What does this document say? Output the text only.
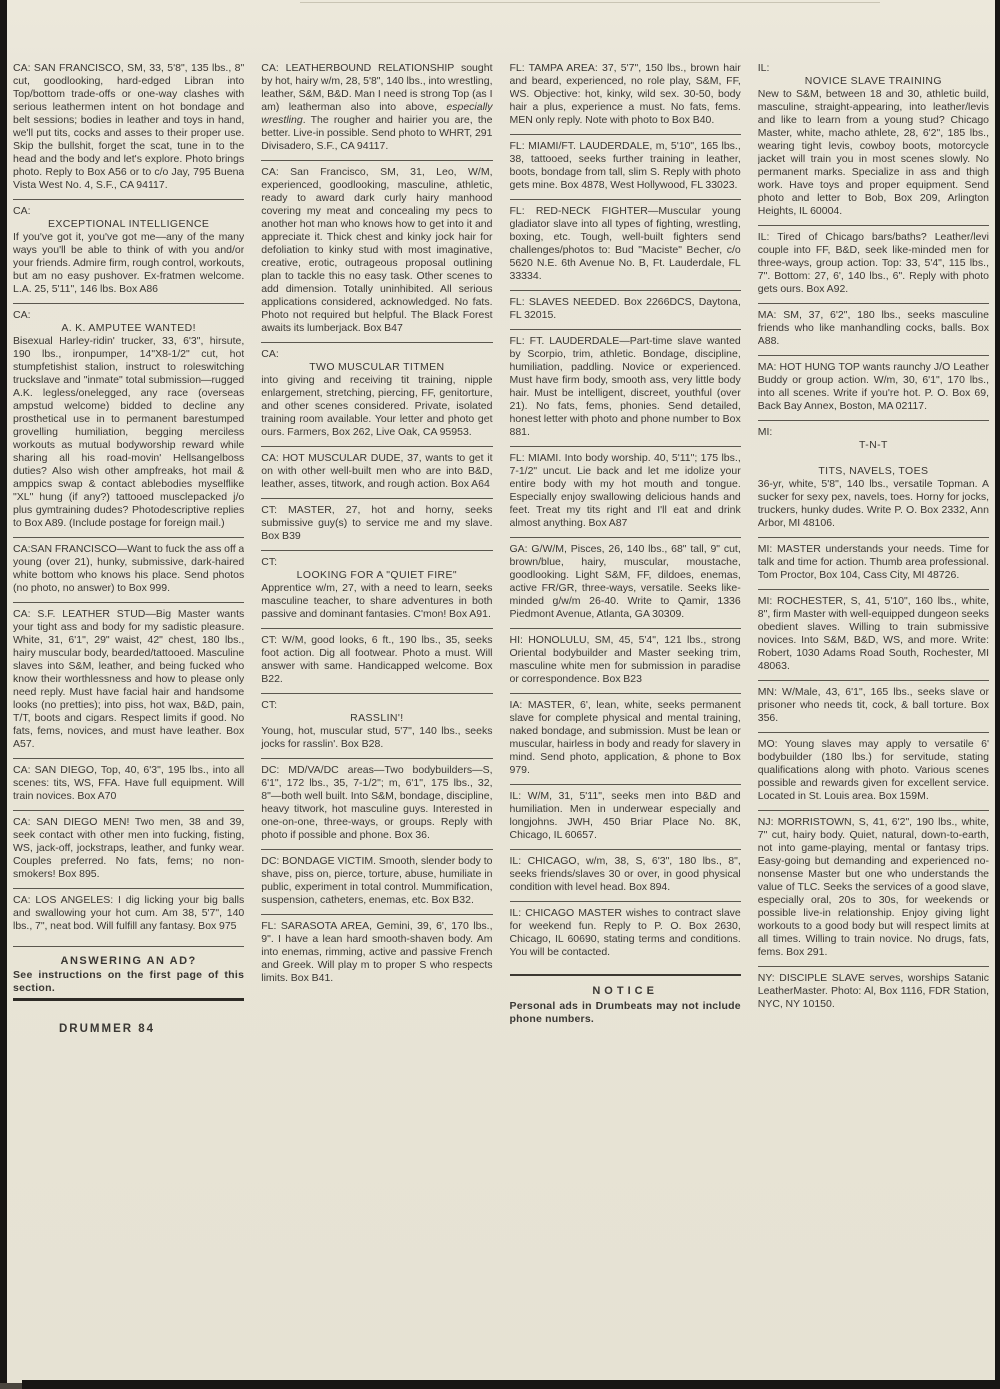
CA: SAN FRANCISCO, SM, 33, 5'8", 135 lbs., 8" cut, goodlooking, hard-edged Libran into Top/bottom trade-offs or one-way clashes with serious leathermen intent on hot bondage and belt sessions; bodies in leather and toys in hand, we'll put tits, cocks and asses to their proper use. Skip the bullshit, forget the scat, tune in to the head and the body and let's explore. Photo brings photo. Reply to Box A56 or to c/o Jay, 795 Buena Vista West No. 4, S.F., CA 94117.

CA:
EXCEPTIONAL INTELLIGENCE

If you've got it, you've got me—any of the many ways you'll be able to think of with you and/or your friends. Admire firm, rough control, workouts, but am no easy pushover. Ex-fratmen welcome. L.A. 25, 5'11", 146 lbs. Box A86

CA:
A. K. AMPUTEE WANTED!

Bisexual Harley-ridin' trucker, 33, 6'3", hirsute, 190 lbs., ironpumper, 14"X8-1/2" cut, hot stumpfetishist stalion, instruct to roleswitching truckslave and "inmate" total submission—rugged A.K. legless/onelegged, any race (overseas ampstud welcome) bidded to decline any prosthetical use in to permanent barestumped grovelling humiliation, begging merciless workouts as mutual bodyworship reward while sharing all his road-movin' Hellsangelboss duties? Also wish other ampfreaks, hot mail & amppics swap & contact ablebodies myselflike "XL" hung (if any?) tattooed musclepacked j/o plus gymtraining dudes? Photodescriptive replies to Box A89. (Include postage for foreign mail.)

CA:SAN FRANCISCO—Want to fuck the ass off a young (over 21), hunky, submissive, dark-haired white bottom who knows his place. Send photos (no photo, no answer) to Box 999.

CA: S.F. LEATHER STUD—Big Master wants your tight ass and body for my sadistic pleasure. White, 31, 6'1", 29" waist, 42" chest, 180 lbs., hairy muscular body, bearded/tattooed. Masculine slaves into S&M, leather, and being fucked who know their worthlessness and how to please only need reply. Must have facial hair and handsome looks (no pretties); into piss, hot wax, B&D, pain, T/T, boots and cigars. Respect limits if good. No fats, fems, novices, and must have leather. Box A57.

CA: SAN DIEGO, Top, 40, 6'3", 195 lbs., into all scenes: tits, WS, FFA. Have full equipment. Will train novices. Box A70

CA: SAN DIEGO MEN! Two men, 38 and 39, seek contact with other men into fucking, fisting, WS, jack-off, jockstraps, leather, and funky wear. Couples preferred. No fats, fems; no non-smokers! Box 895.

CA: LOS ANGELES: I dig licking your big balls and swallowing your hot cum. Am 38, 5'7", 140 lbs., 7", neat bod. Will fulfill any fantasy. Box 975

ANSWERING AN AD?

See instructions on the first page of this section.

DRUMMER 84

CA: LEATHERBOUND RELATIONSHIP sought by hot, hairy w/m, 28, 5'8", 140 lbs., into wrestling, leather, S&M, B&D. Man I need is strong Top (as I am) leatherman also into above, especially wrestling. The rougher and hairier you are, the better. Live-in possible. Send photo to WHRT, 291 Divisadero, S.F., CA 94117.

CA: San Francisco, SM, 31, Leo, W/M, experienced, goodlooking, masculine, athletic, ready to award dark curly hairy manhood covering my meat and concealing my pecs to another hot man who knows how to get into it and appreciate it. Thick chest and kinky jock hair for defoliation to kinky stud with most imaginative, creative, erotic, outrageous proposal outlining plan to tackle this no easy task. Other scenes to add dimension. Totally uninhibited. All serious applications considered, acknowledged. No fats. Photo not required but helpful. The Black Forest awaits its lumberjack. Box B47

CA:
TWO MUSCULAR TITMEN

into giving and receiving tit training, nipple enlargement, stretching, piercing, FF, genitorture, and other scenes considered. Private, isolated training room available. Your letter and photo get ours. Farmers, Box 262, Live Oak, CA 95953.

CA: HOT MUSCULAR DUDE, 37, wants to get it on with other well-built men who are into B&D, leather, asses, titwork, and rough action. Box A64

CT: MASTER, 27, hot and horny, seeks submissive guy(s) to service me and my slave. Box B39

CT:
LOOKING FOR A "QUIET FIRE"

Apprentice w/m, 27, with a need to learn, seeks masculine teacher, to share adventures in both passive and dominant fantasies. C'mon! Box A91.

CT: W/M, good looks, 6 ft., 190 lbs., 35, seeks foot action. Dig all footwear. Photo a must. Will answer with same. Handicapped welcome. Box B22.

CT:
RASSLIN'!

Young, hot, muscular stud, 5'7", 140 lbs., seeks jocks for rasslin'. Box B28.

DC: MD/VA/DC areas—Two bodybuilders—S, 6'1", 172 lbs., 35, 7-1/2"; m, 6'1", 175 lbs., 32, 8"—both well built. Into S&M, bondage, discipline, heavy titwork, hot masculine guys. Interested in one-on-one, three-ways, or groups. Reply with photo if possible and phone. Box 36.

DC: BONDAGE VICTIM. Smooth, slender body to shave, piss on, pierce, torture, abuse, humiliate in public, experiment in total control. Mummification, suspension, catheters, enemas, etc. Box B32.

FL: SARASOTA AREA, Gemini, 39, 6', 170 lbs., 9". I have a lean hard smooth-shaven body. Am into enemas, rimming, active and passive French and Greek. Will play m to proper S who respects limits. Box B41.

FL: TAMPA AREA: 37, 5'7", 150 lbs., brown hair and beard, experienced, no role play, S&M, FF, WS. Objective: hot, kinky, wild sex. 30-50, body hair a plus, experience a must. No fats, fems. MEN only reply. Note with photo to Box B40.

FL: MIAMI/FT. LAUDERDALE, m, 5'10", 165 lbs., 38, tattooed, seeks further training in leather, boots, bondage from tall, slim S. Reply with photo gets mine. Box 4878, West Hollywood, FL 33023.

FL: RED-NECK FIGHTER—Muscular young gladiator slave into all types of fighting, wrestling, boxing, etc. Tough, well-built fighters send challenges/photos to: Bud "Maciste" Becher, c/o 5620 N.E. 6th Avenue No. B, Ft. Lauderdale, FL 33334.

FL: SLAVES NEEDED. Box 2266DCS, Daytona, FL 32015.

FL: FT. LAUDERDALE—Part-time slave wanted by Scorpio, trim, athletic. Bondage, discipline, humiliation, paddling. Novice or experienced. Must have firm body, smooth ass, very little body hair. Must be intelligent, discreet, youthful (over 21). No fats, fems, phonies. Send detailed, honest letter with photo and phone number to Box 881.

FL: MIAMI. Into body worship. 40, 5'11"; 175 lbs., 7-1/2" uncut. Lie back and let me idolize your entire body with my hot mouth and tongue. Especially enjoy swallowing delicious hands and feet. Treat my tits right and I'll eat and drink almost anything. Box A87

GA: G/W/M, Pisces, 26, 140 lbs., 68" tall, 9" cut, brown/blue, hairy, muscular, moustache, goodlooking. Light S&M, FF, dildoes, enemas, active FR/GR, three-ways, versatile. Seeks like-minded g/w/m 26-40. Write to Qamir, 1336 Piedmont Avenue, Atlanta, GA 30309.

HI: HONOLULU, SM, 45, 5'4", 121 lbs., strong Oriental bodybuilder and Master seeking trim, masculine white men for submission in paradise or correspondence. Box B23

IA: MASTER, 6', lean, white, seeks permanent slave for complete physical and mental training, naked bondage, and submission. Must be lean or muscular, hairless in body and ready for slavery in mind. Send photo, application, & phone to Box 979.

IL: W/M, 31, 5'11", seeks men into B&D and humiliation. Men in underwear especially and longjohns. JWH, 450 Briar Place No. 8K, Chicago, IL 60657.

IL: CHICAGO, w/m, 38, S, 6'3", 180 lbs., 8", seeks friends/slaves 30 or over, in good physical condition with level head. Box 894.

IL: CHICAGO MASTER wishes to contract slave for weekend fun. Reply to P. O. Box 2630, Chicago, IL 60690, stating terms and conditions. You will be contacted.

NOTICE

Personal ads in Drumbeats may not include phone numbers.

IL:
NOVICE SLAVE TRAINING

New to S&M, between 18 and 30, athletic build, masculine, straight-appearing, into leather/levis and like to learn from a young stud? Chicago Master, white, macho athlete, 28, 6'2", 185 lbs., wearing tight levis, cowboy boots, motorcycle jacket will train you in most scenes slowly. No permanent marks. Specialize in ass and thigh work. Have toys and proper equipment. Send photo and letter to Bob, Box 209, Arlington Heights, IL 60004.

IL: Tired of Chicago bars/baths? Leather/levi couple into FF, B&D, seek like-minded men for three-ways, group action. Top: 33, 5'4", 115 lbs., 7". Bottom: 27, 6', 140 lbs., 6". Reply with photo gets ours. Box A92.

MA: SM, 37, 6'2", 180 lbs., seeks masculine friends who like manhandling cocks, balls. Box A88.

MA: HOT HUNG TOP wants raunchy J/O Leather Buddy or group action. W/m, 30, 6'1", 170 lbs., into all scenes. Write if you're hot. P. O. Box 69, Back Bay Annex, Boston, MA 02117.

MI:
T-N-T
TITS, NAVELS, TOES

36-yr, white, 5'8", 140 lbs., versatile Topman. A sucker for sexy pex, navels, toes. Horny for jocks, truckers, hunky dudes. Write P. O. Box 2332, Ann Arbor, MI 48106.

MI: MASTER understands your needs. Time for talk and time for action. Thumb area professional. Tom Proctor, Box 104, Cass City, MI 48726.

MI: ROCHESTER, S, 41, 5'10", 160 lbs., white, 8", firm Master with well-equipped dungeon seeks obedient slaves. Willing to train submissive novices. Into S&M, B&D, WS, and more. Write: Robert, 1030 Adams Road South, Rochester, MI 48063.

MN: W/Male, 43, 6'1", 165 lbs., seeks slave or prisoner who needs tit, cock, & ball torture. Box 356.

MO: Young slaves may apply to versatile 6' bodybuilder (180 lbs.) for servitude, stating qualifications along with photo. Various scenes possible and rewards given for excellent service. Located in St. Louis area. Box 159M.

NJ: MORRISTOWN, S, 41, 6'2", 190 lbs., white, 7" cut, hairy body. Quiet, natural, down-to-earth, not into game-playing, mental or fantasy trips. Easy-going but demanding and experienced no-nonsense Master but one who understands the value of TLC. Seeks the services of a good slave, especially oral, 20s to 30s, for weekends or possible live-in relationship. Enjoy giving light workouts to a good body but will respect limits at all times. Willing to train novice. No drugs, fats, fems. Box 291.

NY: DISCIPLE SLAVE serves, worships Satanic LeatherMaster. Photo: Al, Box 1116, FDR Station, NYC, NY 10150.
